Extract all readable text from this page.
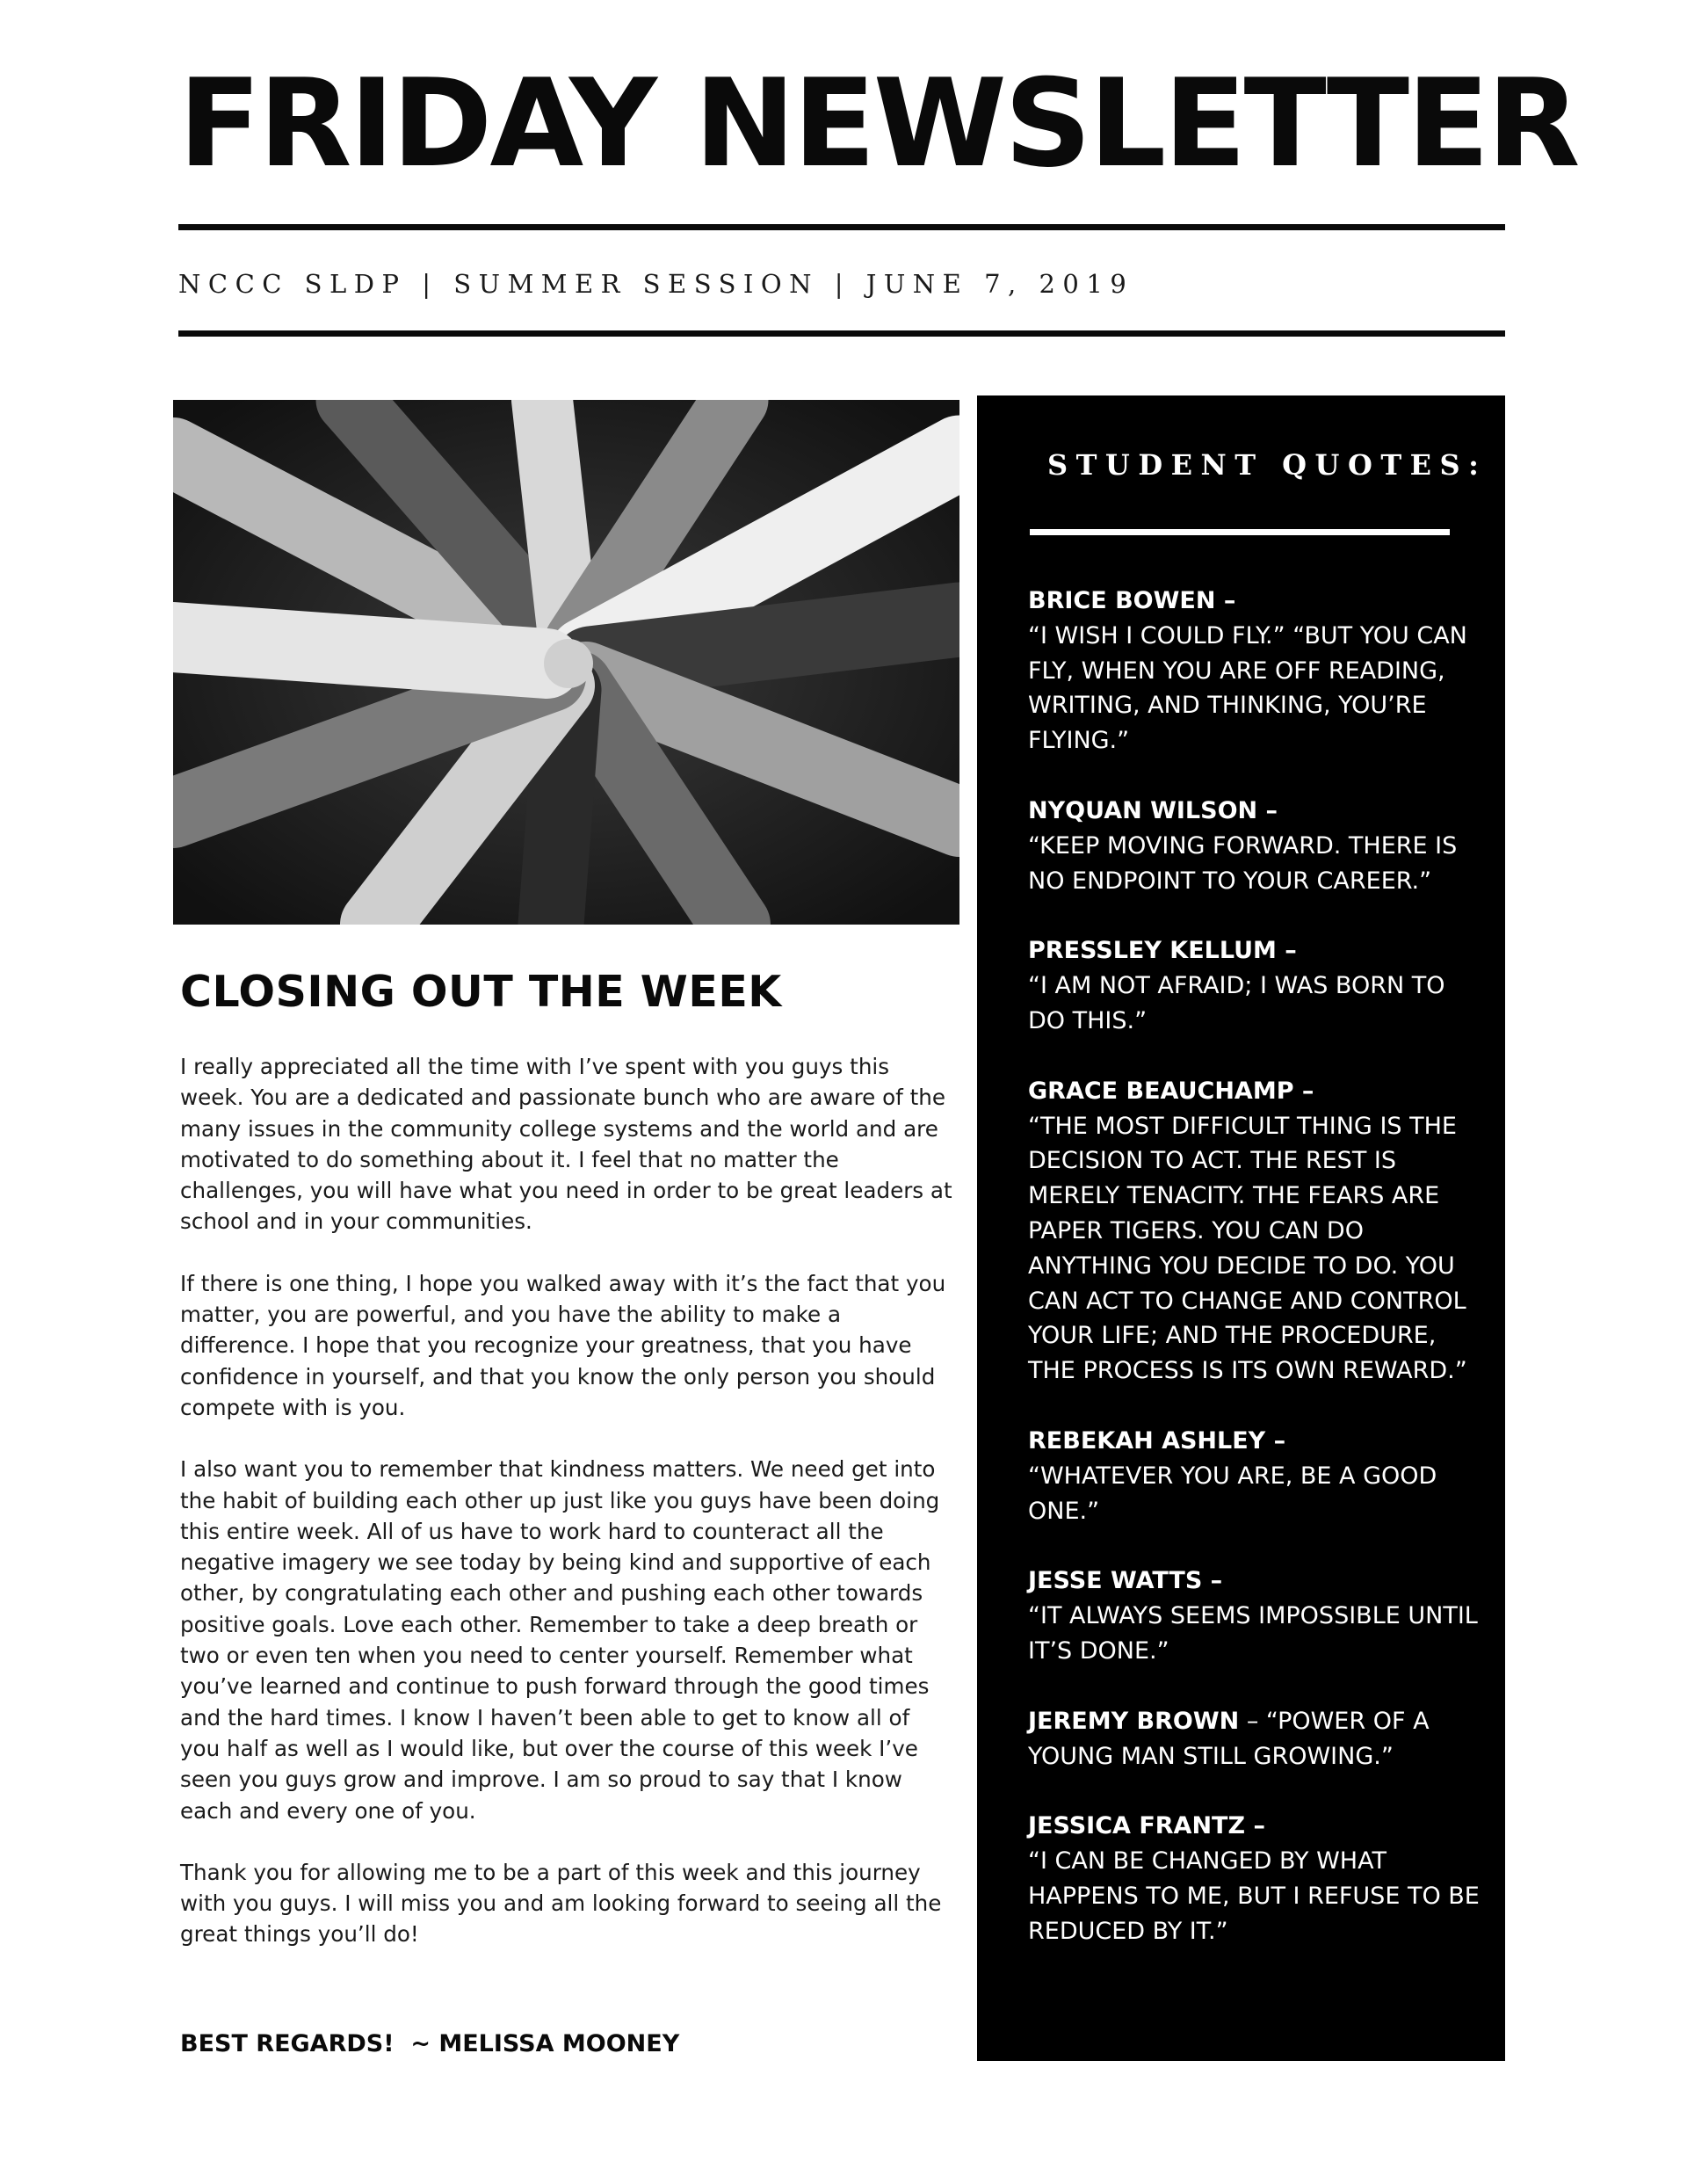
FRIDAY NEWSLETTER
NCCC SLDP | SUMMER SESSION | JUNE 7, 2019
CLOSING OUT THE WEEK

I really appreciated all the time with I’ve spent with you guys this week. You are a dedicated and passionate bunch who are aware of the many issues in the community college systems and the world and are motivated to do something about it. I feel that no matter the challenges, you will have what you need in order to be great leaders at school and in your communities.

If there is one thing, I hope you walked away with it’s the fact that you matter, you are powerful, and you have the ability to make a difference. I hope that you recognize your greatness, that you have confidence in yourself, and that you know the only person you should compete with is you.

I also want you to remember that kindness matters. We need get into the habit of building each other up just like you guys have been doing this entire week. All of us have to work hard to counteract all the negative imagery we see today by being kind and supportive of each other, by congratulating each other and pushing each other towards positive goals. Love each other. Remember to take a deep breath or two or even ten when you need to center yourself. Remember what you’ve learned and continue to push forward through the good times and the hard times. I know I haven’t been able to get to know all of you half as well as I would like, but over the course of this week I’ve seen you guys grow and improve. I am so proud to say that I know each and every one of you.

Thank you for allowing me to be a part of this week and this journey with you guys. I will miss you and am looking forward to seeing all the great things you’ll do!

BEST REGARDS!  ~ MELISSA MOONEY
STUDENT QUOTES:
BRICE BOWEN –
“I WISH I COULD FLY.” “BUT YOU CAN FLY, WHEN YOU ARE OFF READING, WRITING, AND THINKING, YOU’RE FLYING.”
NYQUAN WILSON –
“KEEP MOVING FORWARD. THERE IS NO ENDPOINT TO YOUR CAREER.”
PRESSLEY KELLUM –
“I AM NOT AFRAID; I WAS BORN TO DO THIS.”
GRACE BEAUCHAMP –
“THE MOST DIFFICULT THING IS THE DECISION TO ACT. THE REST IS MERELY TENACITY. THE FEARS ARE PAPER TIGERS. YOU CAN DO ANYTHING YOU DECIDE TO DO. YOU CAN ACT TO CHANGE AND CONTROL YOUR LIFE; AND THE PROCEDURE, THE PROCESS IS ITS OWN REWARD.”
REBEKAH ASHLEY –
“WHATEVER YOU ARE, BE A GOOD ONE.”
JESSE WATTS –
“IT ALWAYS SEEMS IMPOSSIBLE UNTIL IT’S DONE.”
JEREMY BROWN – “POWER OF A YOUNG MAN STILL GROWING.”
JESSICA FRANTZ –
“I CAN BE CHANGED BY WHAT HAPPENS TO ME, BUT I REFUSE TO BE REDUCED BY IT.”
